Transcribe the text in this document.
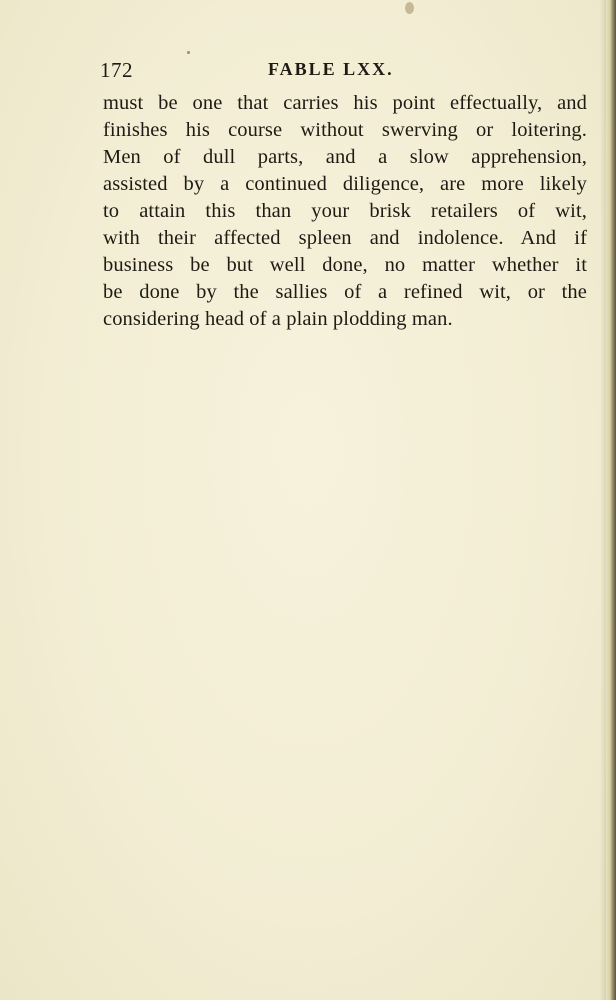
172	FABLE LXX.
must be one that carries his point effectually, and
finishes his course without swerving or loitering.
Men of dull parts, and a slow apprehension,
assisted by a continued diligence, are more likely
to attain this than your brisk retailers of wit,
with their affected spleen and indolence. And if
business be but well done, no matter whether it
be done by the sallies of a refined wit, or the
considering head of a plain plodding man.
